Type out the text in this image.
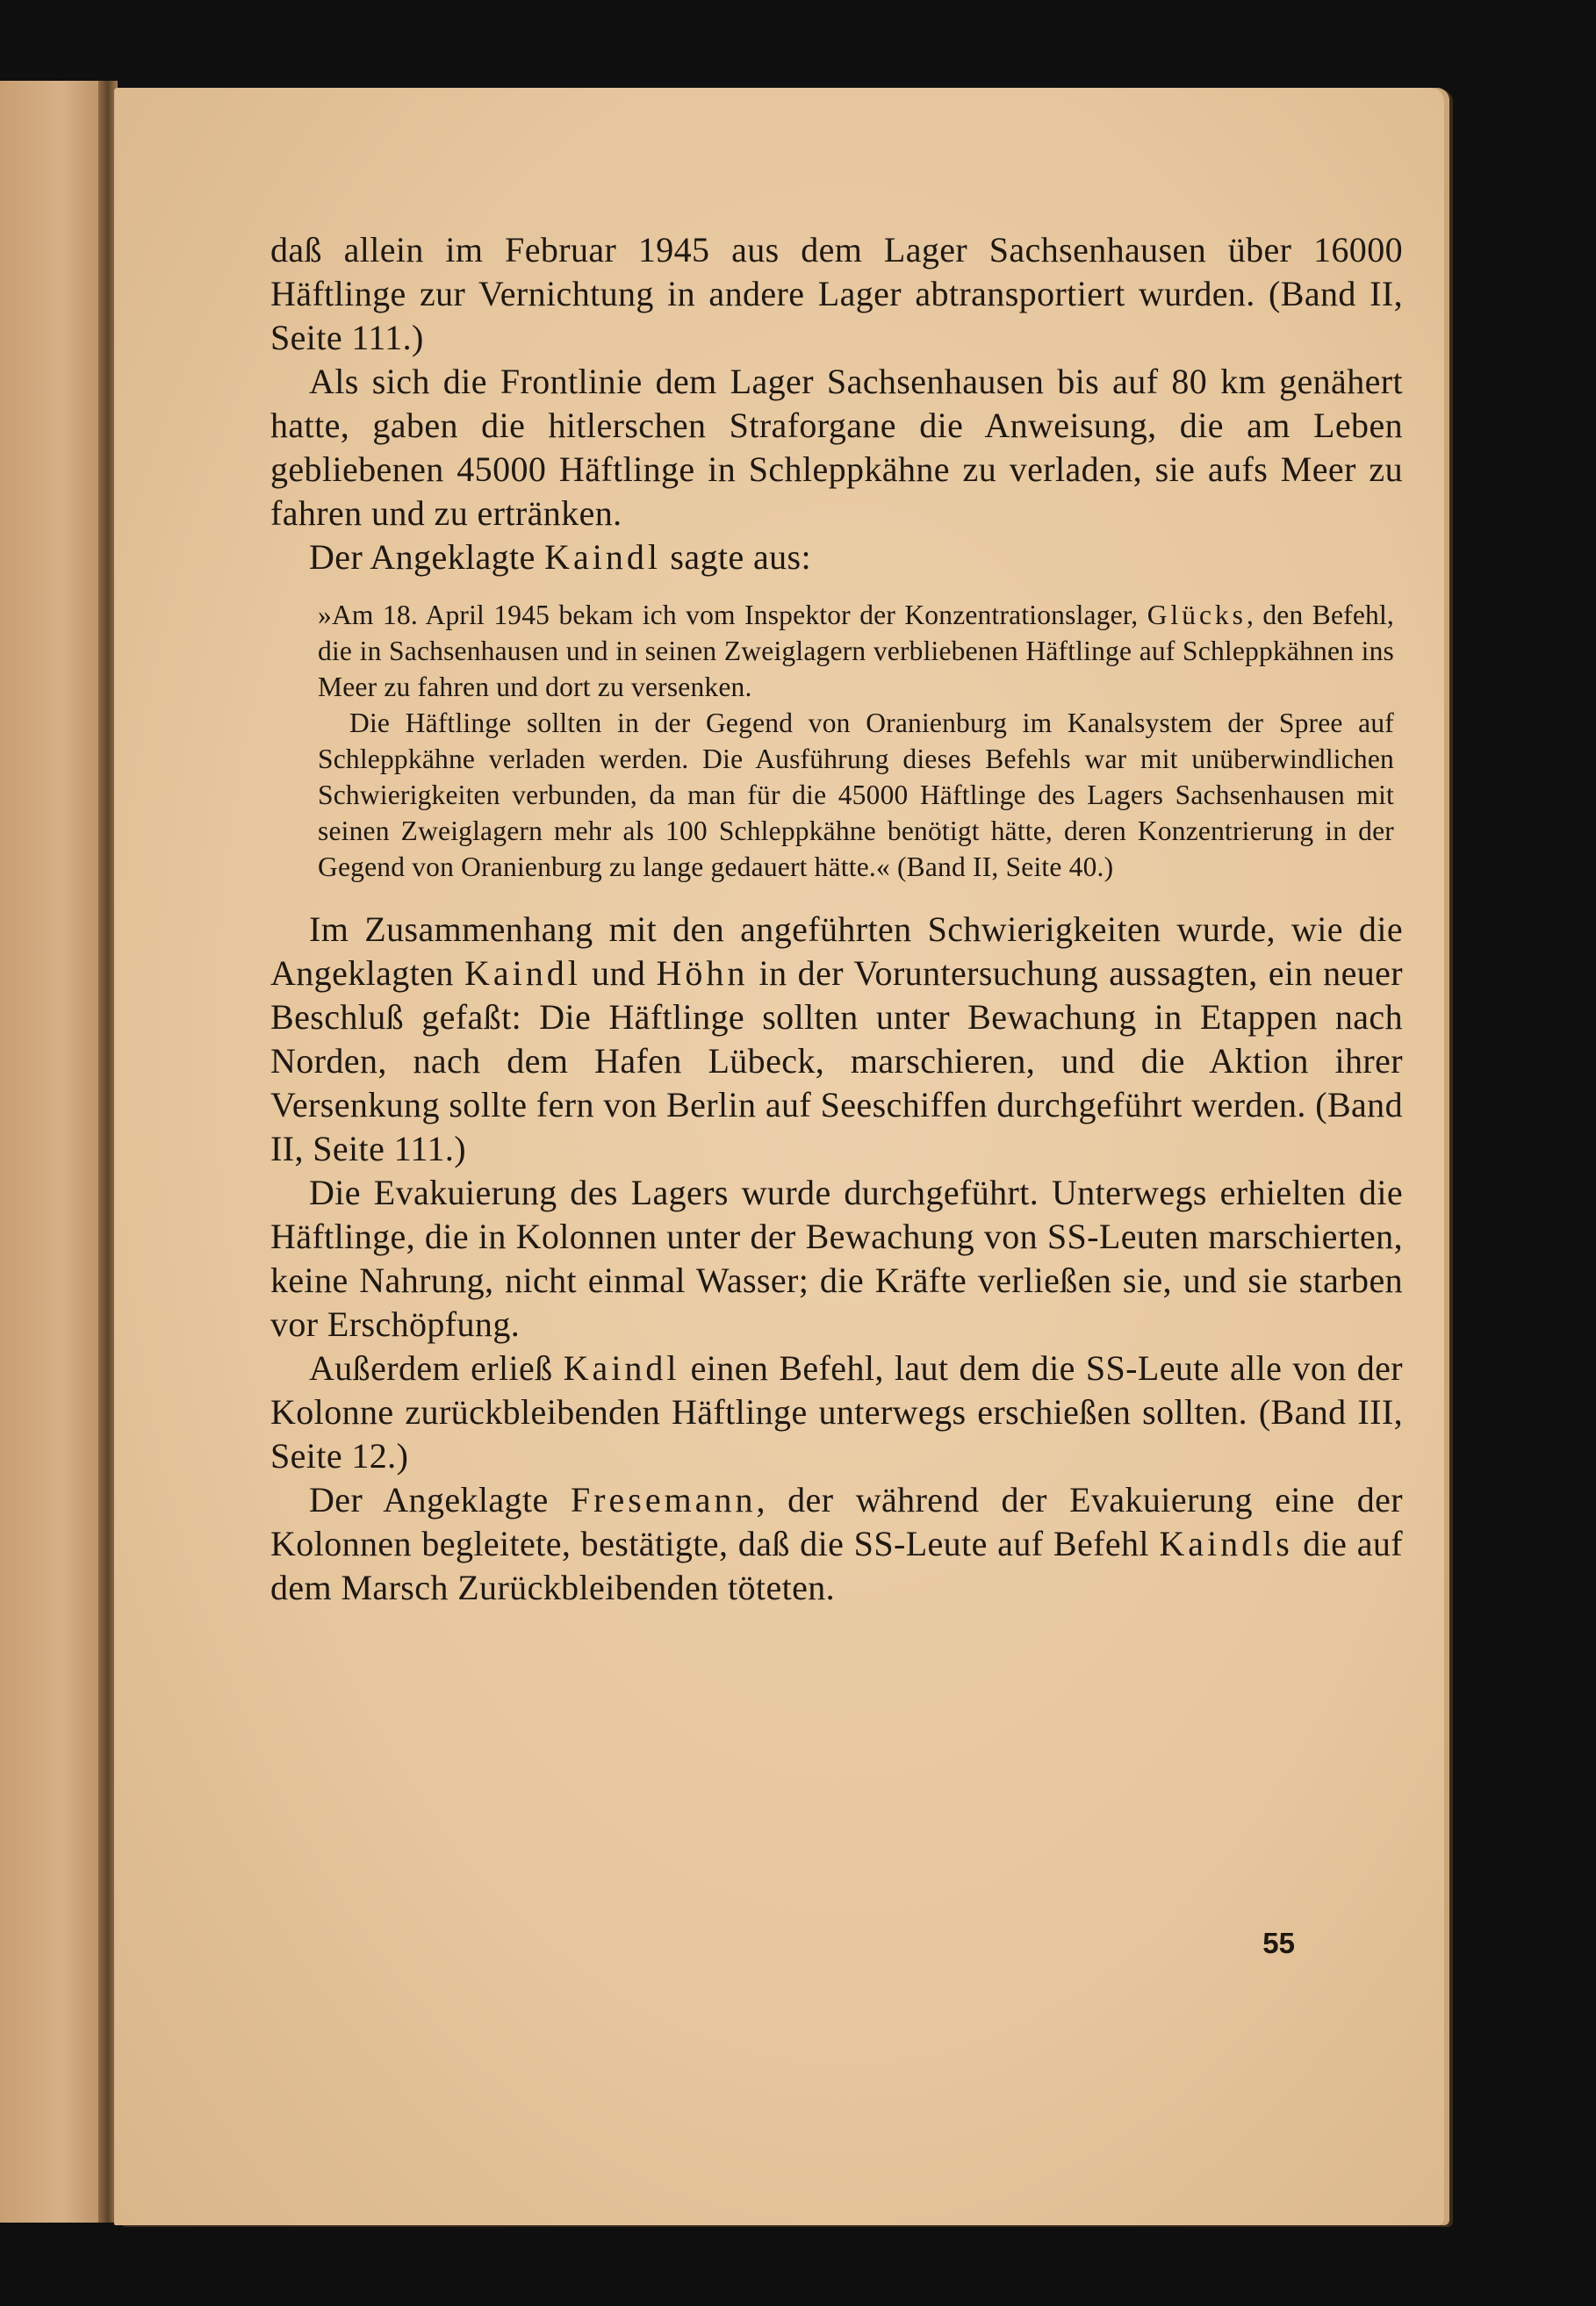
daß allein im Februar 1945 aus dem Lager Sachsenhausen über 16000 Häftlinge zur Vernichtung in andere Lager abtransportiert wurden. (Band II, Seite 111.)

Als sich die Frontlinie dem Lager Sachsenhausen bis auf 80 km genähert hatte, gaben die hitlerschen Straforgane die Anweisung, die am Leben gebliebenen 45000 Häftlinge in Schleppkähne zu verladen, sie aufs Meer zu fahren und zu ertränken.

Der Angeklagte Kaindl sagte aus:

»Am 18. April 1945 bekam ich vom Inspektor der Konzentrationslager, Glücks, den Befehl, die in Sachsenhausen und in seinen Zweiglagern verbliebenen Häftlinge auf Schleppkähnen ins Meer zu fahren und dort zu versenken.

Die Häftlinge sollten in der Gegend von Oranienburg im Kanalsystem der Spree auf Schleppkähne verladen werden. Die Ausführung dieses Befehls war mit unüberwindlichen Schwierigkeiten verbunden, da man für die 45000 Häftlinge des Lagers Sachsenhausen mit seinen Zweiglagern mehr als 100 Schleppkähne benötigt hätte, deren Konzentrierung in der Gegend von Oranienburg zu lange gedauert hätte.« (Band II, Seite 40.)

Im Zusammenhang mit den angeführten Schwierigkeiten wurde, wie die Angeklagten Kaindl und Höhn in der Voruntersuchung aussagten, ein neuer Beschluß gefaßt: Die Häftlinge sollten unter Bewachung in Etappen nach Norden, nach dem Hafen Lübeck, marschieren, und die Aktion ihrer Versenkung sollte fern von Berlin auf Seeschiffen durchgeführt werden. (Band II, Seite 111.)

Die Evakuierung des Lagers wurde durchgeführt. Unterwegs erhielten die Häftlinge, die in Kolonnen unter der Bewachung von SS-Leuten marschierten, keine Nahrung, nicht einmal Wasser; die Kräfte verließen sie, und sie starben vor Erschöpfung.

Außerdem erließ Kaindl einen Befehl, laut dem die SS-Leute alle von der Kolonne zurückbleibenden Häftlinge unterwegs erschießen sollten. (Band III, Seite 12.)

Der Angeklagte Fresemann, der während der Evakuierung eine der Kolonnen begleitete, bestätigte, daß die SS-Leute auf Befehl Kaindls die auf dem Marsch Zurückbleibenden töteten.

55
